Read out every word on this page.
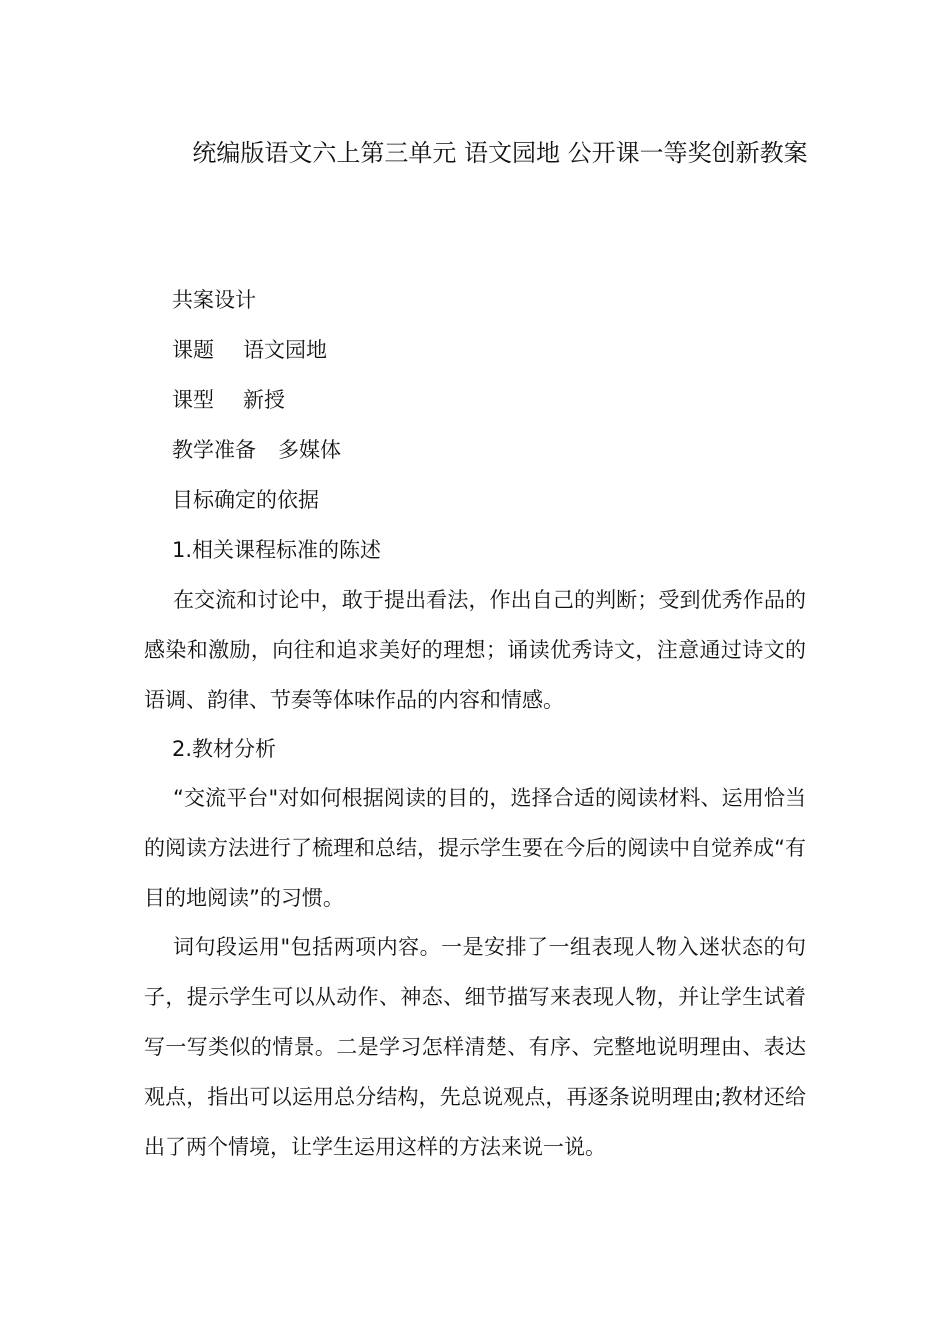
统编版语文六上第三单元 语文园地 公开课一等奖创新教案

共案设计

课题 语文园地

课型 新授

教学准备 多媒体

目标确定的依据

1.相关课程标准的陈述

在交流和讨论中，敢于提出看法，作出自己的判断；受到优秀作品的感染和激励，向往和追求美好的理想；诵读优秀诗文，注意通过诗文的语调、韵律、节奏等体味作品的内容和情感。

2.教材分析

“交流平台"对如何根据阅读的目的，选择合适的阅读材料、运用恰当的阅读方法进行了梳理和总结，提示学生要在今后的阅读中自觉养成“有目的地阅读”的习惯。

词句段运用"包括两项内容。一是安排了一组表现人物入迷状态的句子，提示学生可以从动作、神态、细节描写来表现人物，并让学生试着写一写类似的情景。二是学习怎样清楚、有序、完整地说明理由、表达观点，指出可以运用总分结构，先总说观点，再逐条说明理由;教材还给出了两个情境，让学生运用这样的方法来说一说。
